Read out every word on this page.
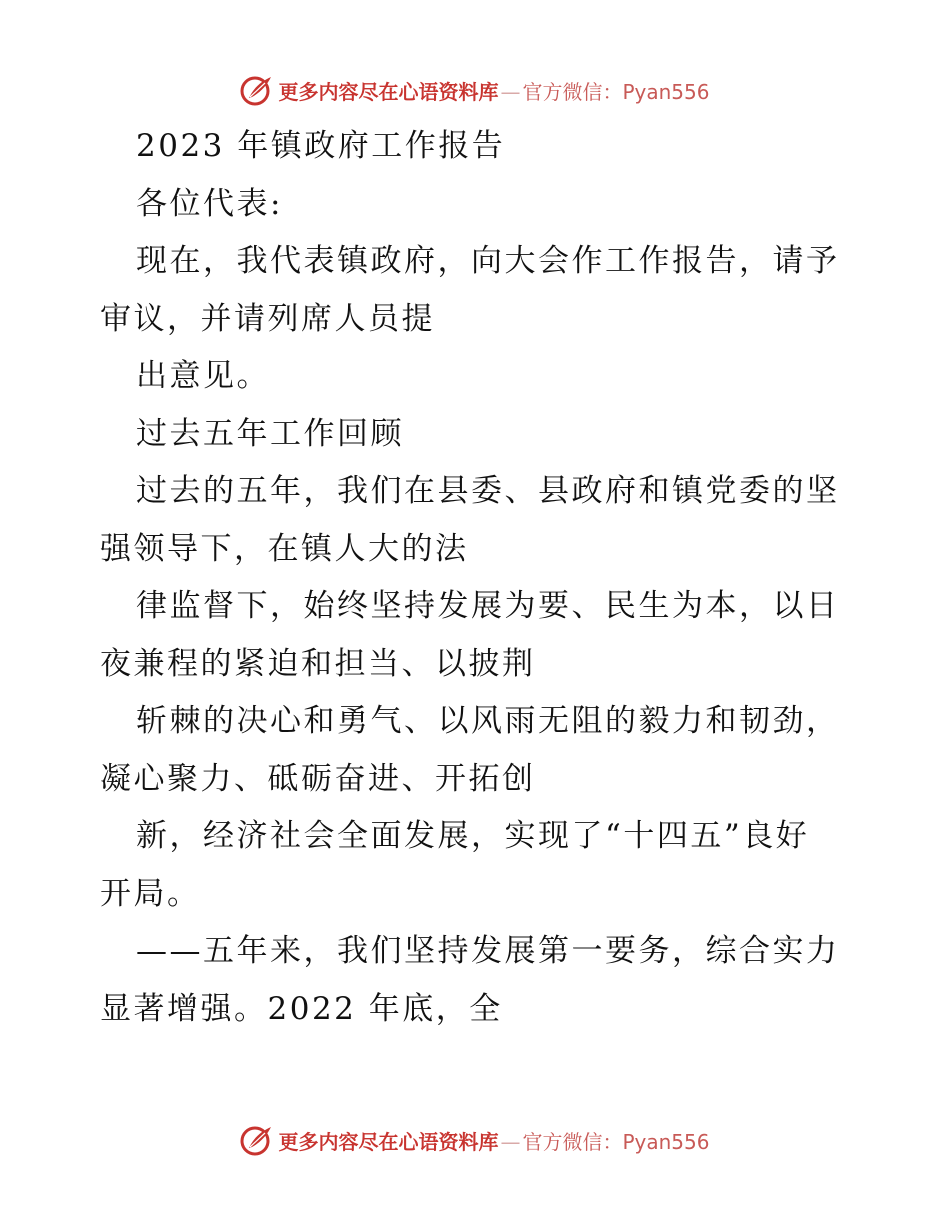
更多内容尽在心语资料库 — 官方微信：Pyan556
2023 年镇政府工作报告
各位代表:
现在，我代表镇政府，向大会作工作报告，请予
审议，并请列席人员提
出意见。
过去五年工作回顾
过去的五年，我们在县委、县政府和镇党委的坚
强领导下，在镇人大的法
律监督下，始终坚持发展为要、民生为本，以日
夜兼程的紧迫和担当、以披荆
斩棘的决心和勇气、以风雨无阻的毅力和韧劲，
凝心聚力、砥砺奋进、开拓创
新，经济社会全面发展，实现了“十四五”良好
开局。
——五年来，我们坚持发展第一要务，综合实力
显著增强。2022 年底，全
更多内容尽在心语资料库 — 官方微信：Pyan556
